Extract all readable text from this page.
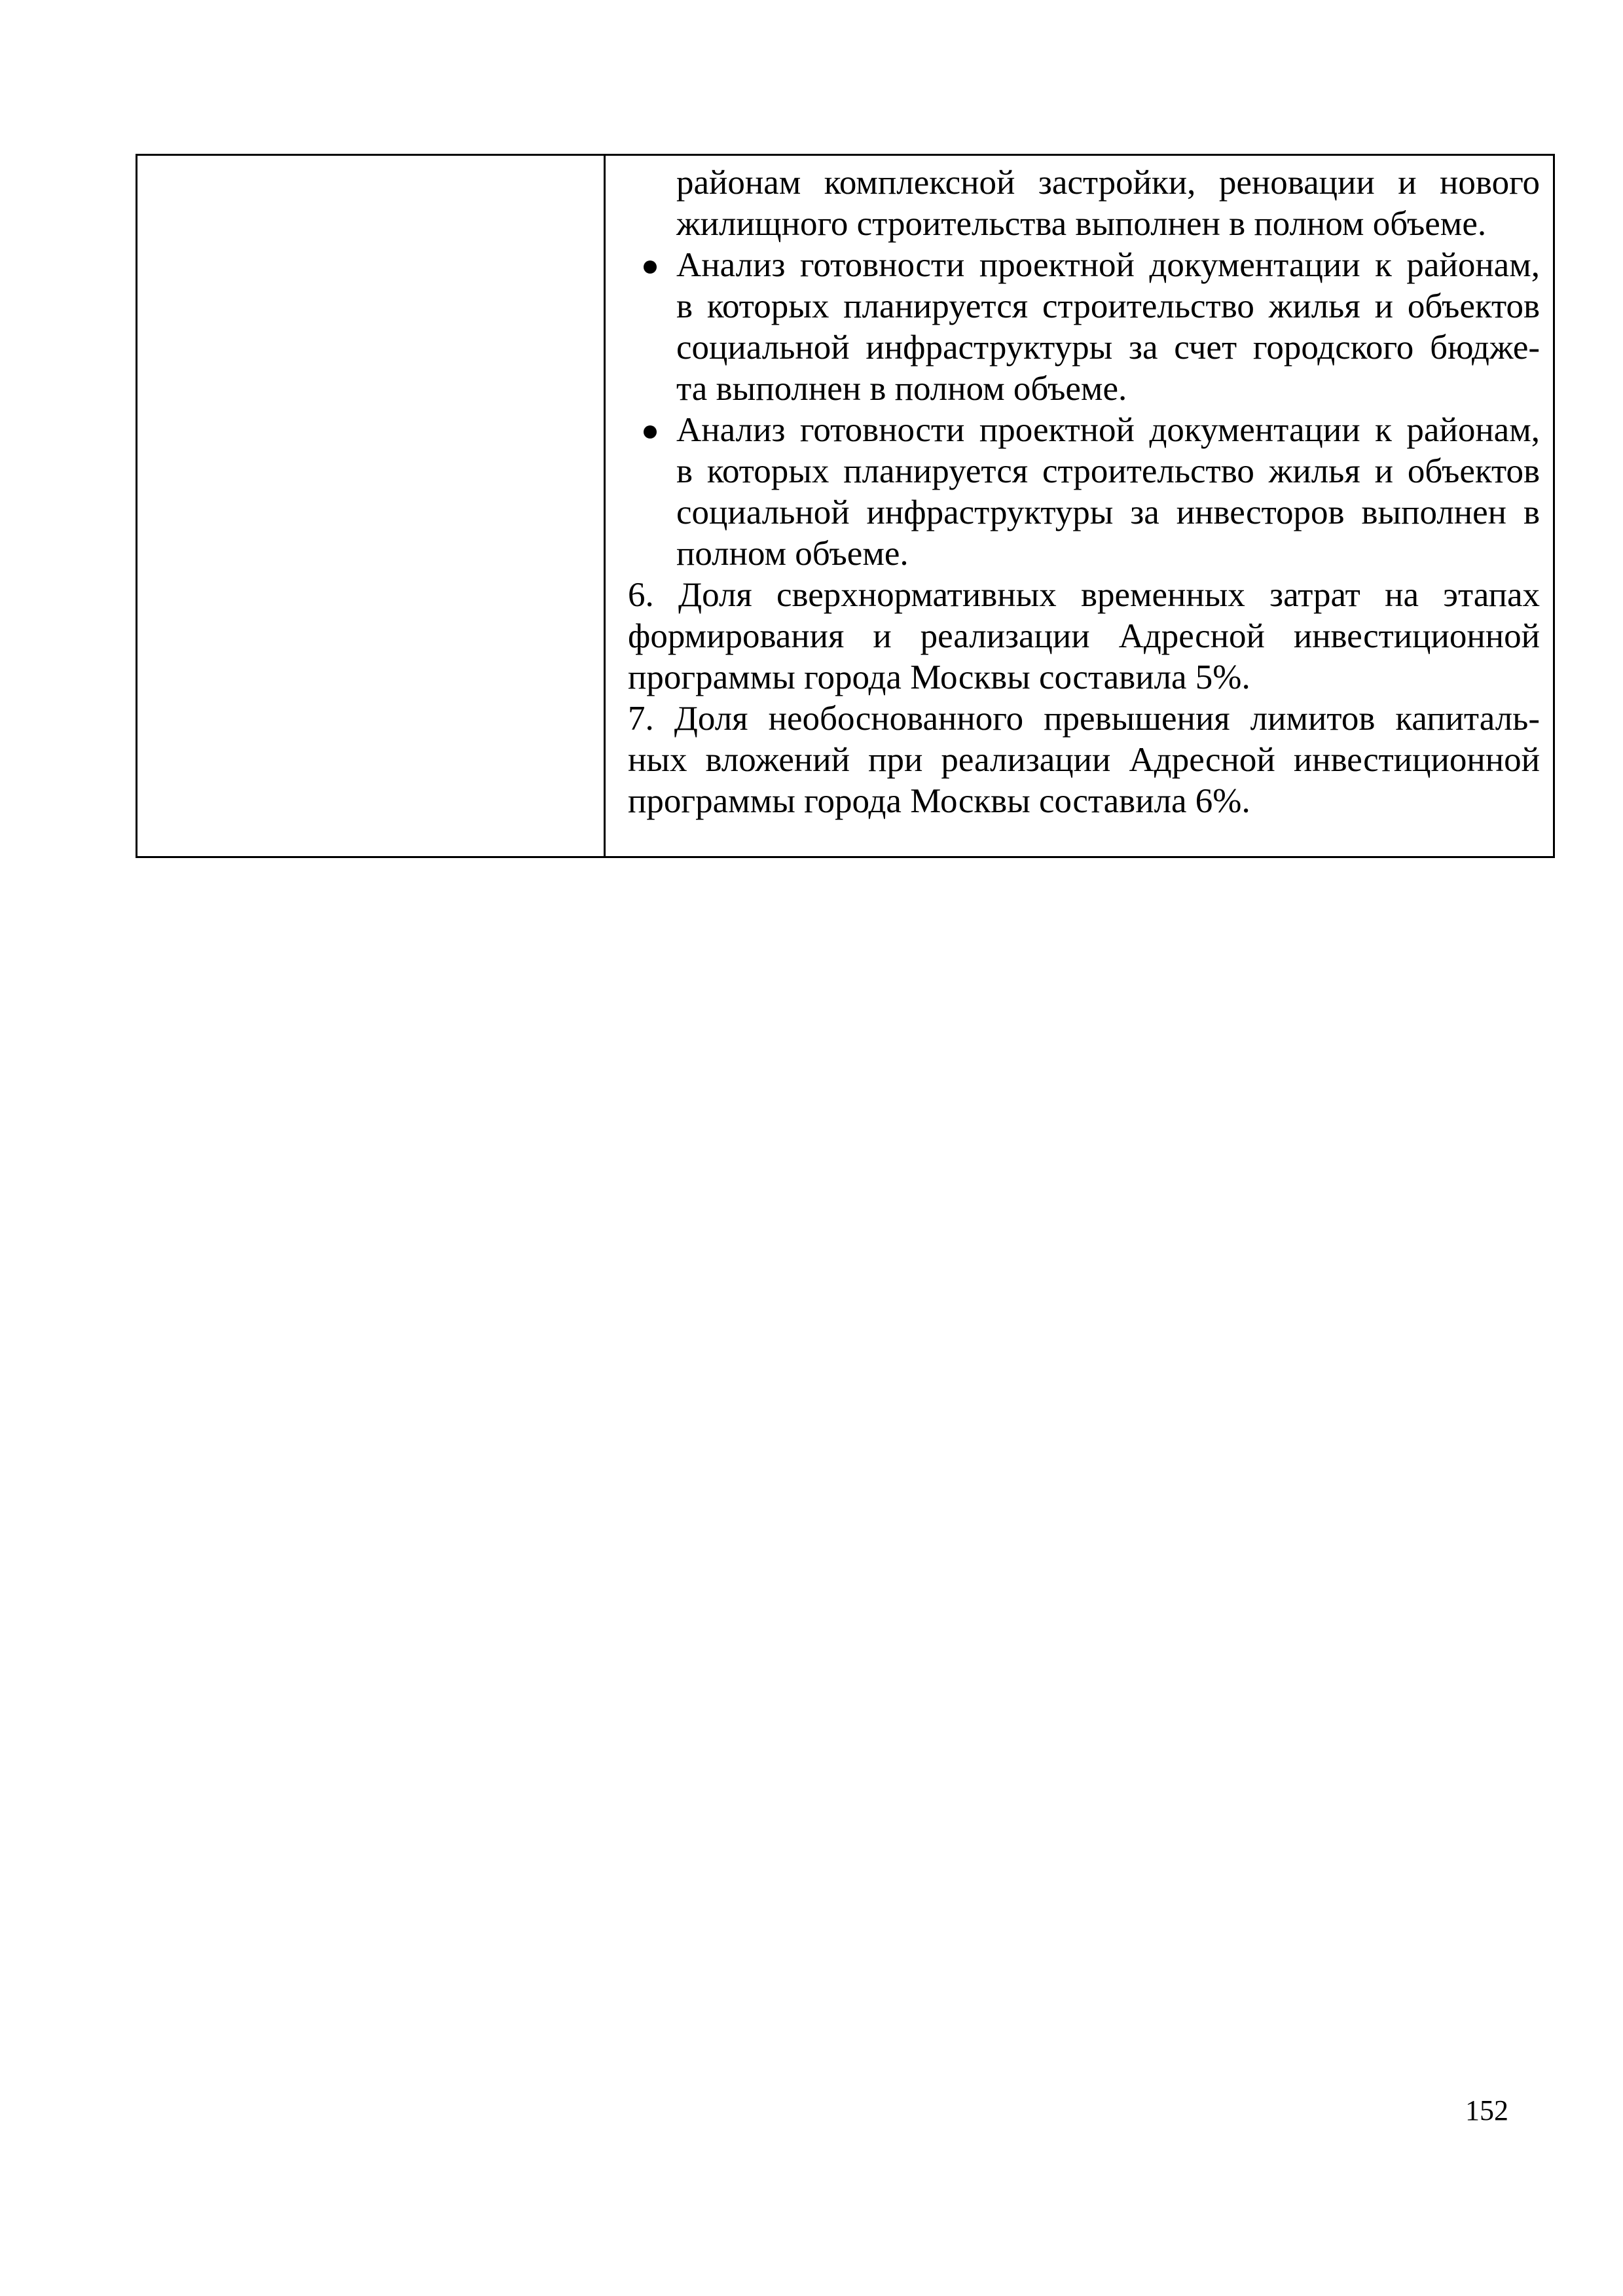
районам комплексной застройки, реновации и нового
жилищного строительства выполнен в полном объеме.
Анализ готовности проектной документации к районам,
в которых планируется строительство жилья и объектов
социальной инфраструктуры за счет городского бюдже-
та выполнен в полном объеме.
Анализ готовности проектной документации к районам,
в которых планируется строительство жилья и объектов
социальной инфраструктуры за инвесторов выполнен в
полном объеме.
6. Доля сверхнормативных временных затрат на этапах
формирования и реализации Адресной инвестиционной
программы города Москвы составила 5%.
7. Доля необоснованного превышения лимитов капиталь-
ных вложений при реализации Адресной инвестиционной
программы города Москвы составила 6%.
152
